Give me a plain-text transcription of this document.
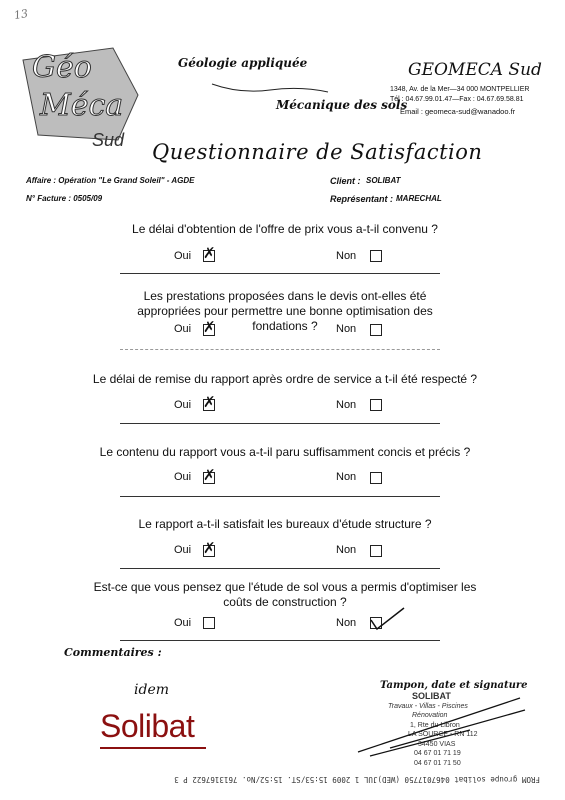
13
Géo
Méca
Sud
Géologie appliquée
Mécanique des sols
GEOMECA Sud
1348, Av. de la Mer—34 000 MONTPELLIER
Tél : 04.67.99.01.47—Fax : 04.67.69.58.81
Email : geomeca-sud@wanadoo.fr
Questionnaire de Satisfaction
Affaire : Opération "Le Grand Soleil" - AGDE
N° Facture : 0505/09
Client : SOLIBAT
Représentant : MARECHAL
Le délai d'obtention de l'offre de prix vous a-t-il convenu ?
Oui ✗	Non
Les prestations proposées dans le devis ont-elles été appropriées pour permettre une bonne optimisation des fondations ?
Oui ✗	Non
Le délai de remise du rapport après ordre de service a t-il été respecté ?
Oui ✗	Non
Le contenu du rapport vous a-t-il paru suffisamment concis et précis ?
Oui ✗	Non
Le rapport a-t-il satisfait les bureaux d'étude structure ?
Oui ✗	Non
Est-ce que vous pensez que l'étude de sol vous a permis d'optimiser les coûts de construction ?
Oui	Non
Commentaires :
idem
Solibat
Tampon, date et signature
SOLIBAT
Travaux - Villas - Piscines
Rénovation
1, Rte du Libron
LA SOURCE - RN 112
34450 VIAS
04 67 01 71 19
04 67 01 71 50
FROM groupe solibat 0467017750 (WED)JUL 1 2009 15:53/ST. 15:52/No. 7613167622 P 3
